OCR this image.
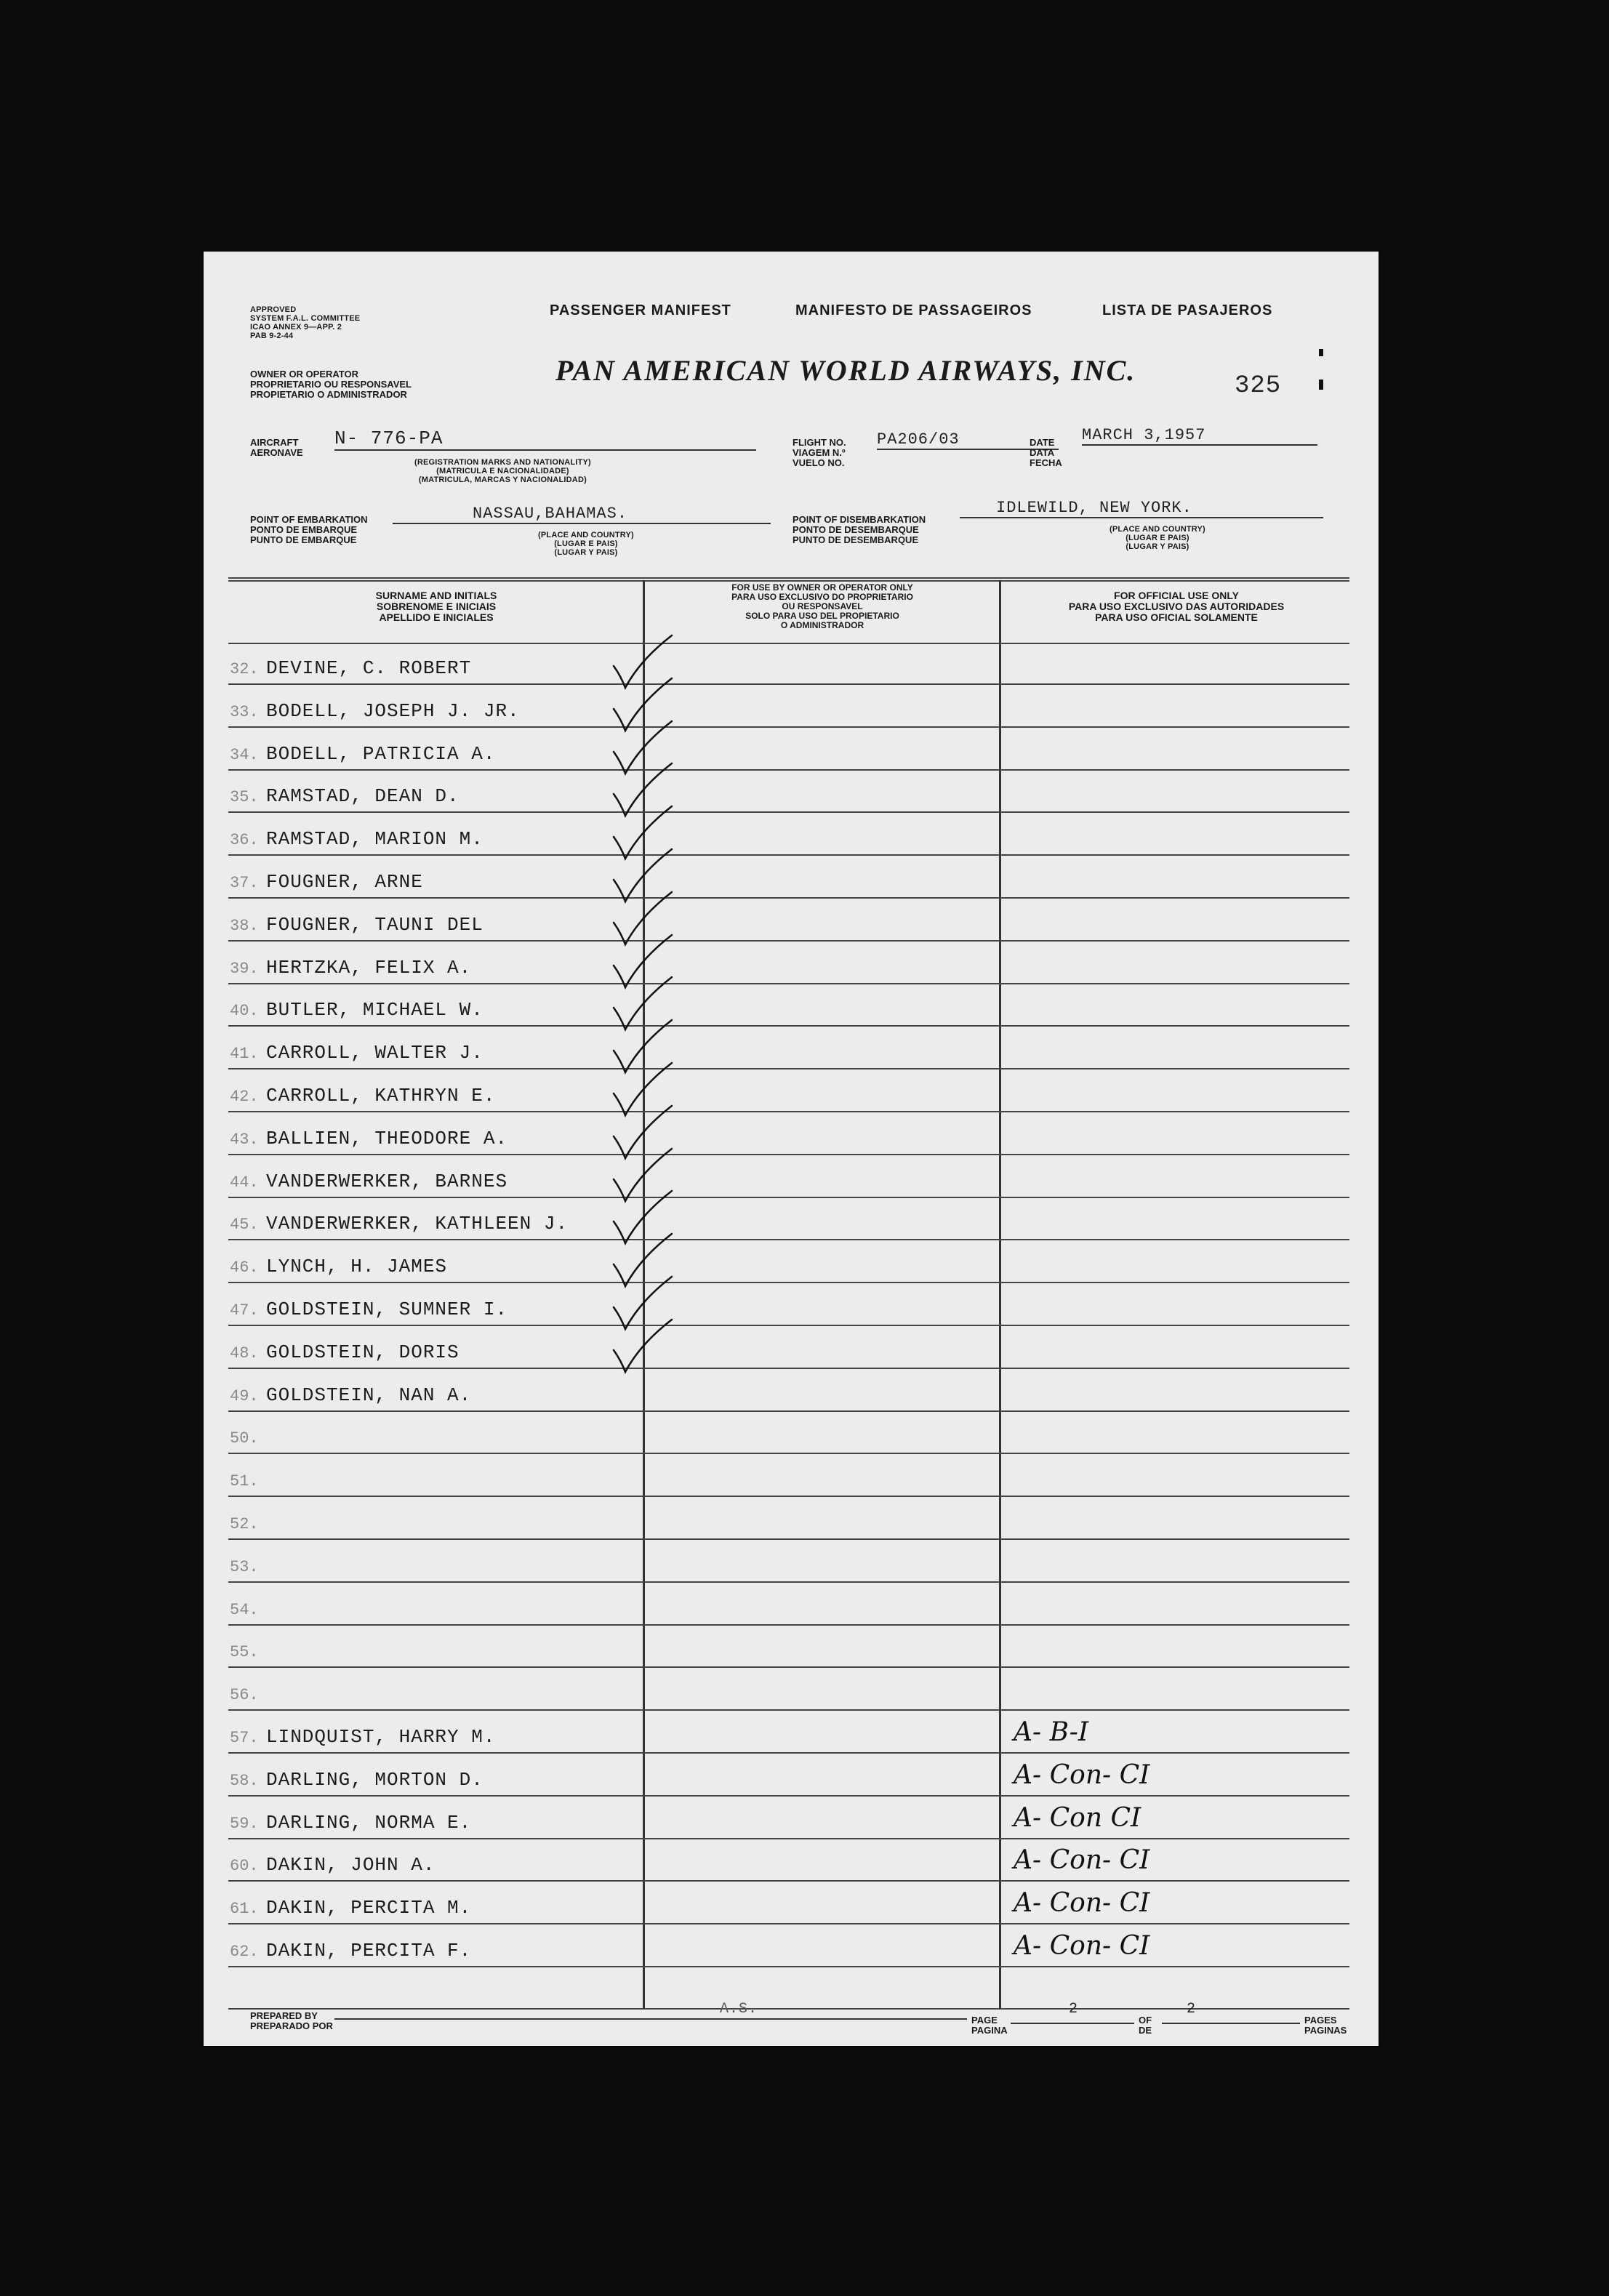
APPROVED
SYSTEM F.A.L. COMMITTEE
ICAO ANNEX 9—APP. 2
PAB 9-2-44
PASSENGER MANIFEST	MANIFESTO DE PASSAGEIROS	LISTA DE PASAJEROS
OWNER OR OPERATOR
PROPRIETARIO OU RESPONSAVEL
PROPIETARIO O ADMINISTRADOR
PAN AMERICAN WORLD AIRWAYS, INC.	325
AIRCRAFT
AERONAVE
N- 776-PA
(REGISTRATION MARKS AND NATIONALITY)
(MATRICULA E NACIONALIDADE)
(MATRICULA, MARCAS Y NACIONALIDAD)
FLIGHT NO.
VIAGEM N.º
VUELO NO.
PA206/03	DATE
DATA
FECHA
MARCH 3,1957
POINT OF EMBARKATION
PONTO DE EMBARQUE
PUNTO DE EMBARQUE
NASSAU,BAHAMAS.
(PLACE AND COUNTRY)
(LUGAR E PAIS)
(LUGAR Y PAIS)
POINT OF DISEMBARKATION
PONTO DE DESEMBARQUE
PUNTO DE DESEMBARQUE
IDLEWILD, NEW YORK.
(PLACE AND COUNTRY)
(LUGAR E PAIS)
(LUGAR Y PAIS)
SURNAME AND INITIALS
SOBRENOME E INICIAIS
APELLIDO E INICIALES
FOR USE BY OWNER OR OPERATOR ONLY
PARA USO EXCLUSIVO DO PROPRIETARIO
OU RESPONSAVEL
SOLO PARA USO DEL PROPIETARIO
O ADMINISTRADOR
FOR OFFICIAL USE ONLY
PARA USO EXCLUSIVO DAS AUTORIDADES
PARA USO OFICIAL SOLAMENTE
32. DEVINE, C. ROBERT
33. BODELL, JOSEPH J. JR.
34. BODELL, PATRICIA A.
35. RAMSTAD, DEAN D.
36. RAMSTAD, MARION M.
37. FOUGNER, ARNE
38. FOUGNER, TAUNI DEL
39. HERTZKA, FELIX A.
40. BUTLER, MICHAEL W.
41. CARROLL, WALTER J.
42. CARROLL, KATHRYN E.
43. BALLIEN, THEODORE A.
44. VANDERWERKER, BARNES
45. VANDERWERKER, KATHLEEN J.
46. LYNCH, H. JAMES
47. GOLDSTEIN, SUMNER I.
48. GOLDSTEIN, DORIS
49. GOLDSTEIN, NAN A.
50.
51.
52.
53.
54.
55.
56.
57. LINDQUIST, HARRY M.	A- B-I
58. DARLING, MORTON D.	A- Con- CI
59. DARLING, NORMA E.	A- Con CI
60. DAKIN, JOHN A.	A- Con- CI
61. DAKIN, PERCITA M.	A- Con- CI
62. DAKIN, PERCITA F.	A- Con- CI
PREPARED BY
PREPARADO POR
A.S.
PAGE
PAGINA
2
OF
DE
2
PAGES
PAGINAS
